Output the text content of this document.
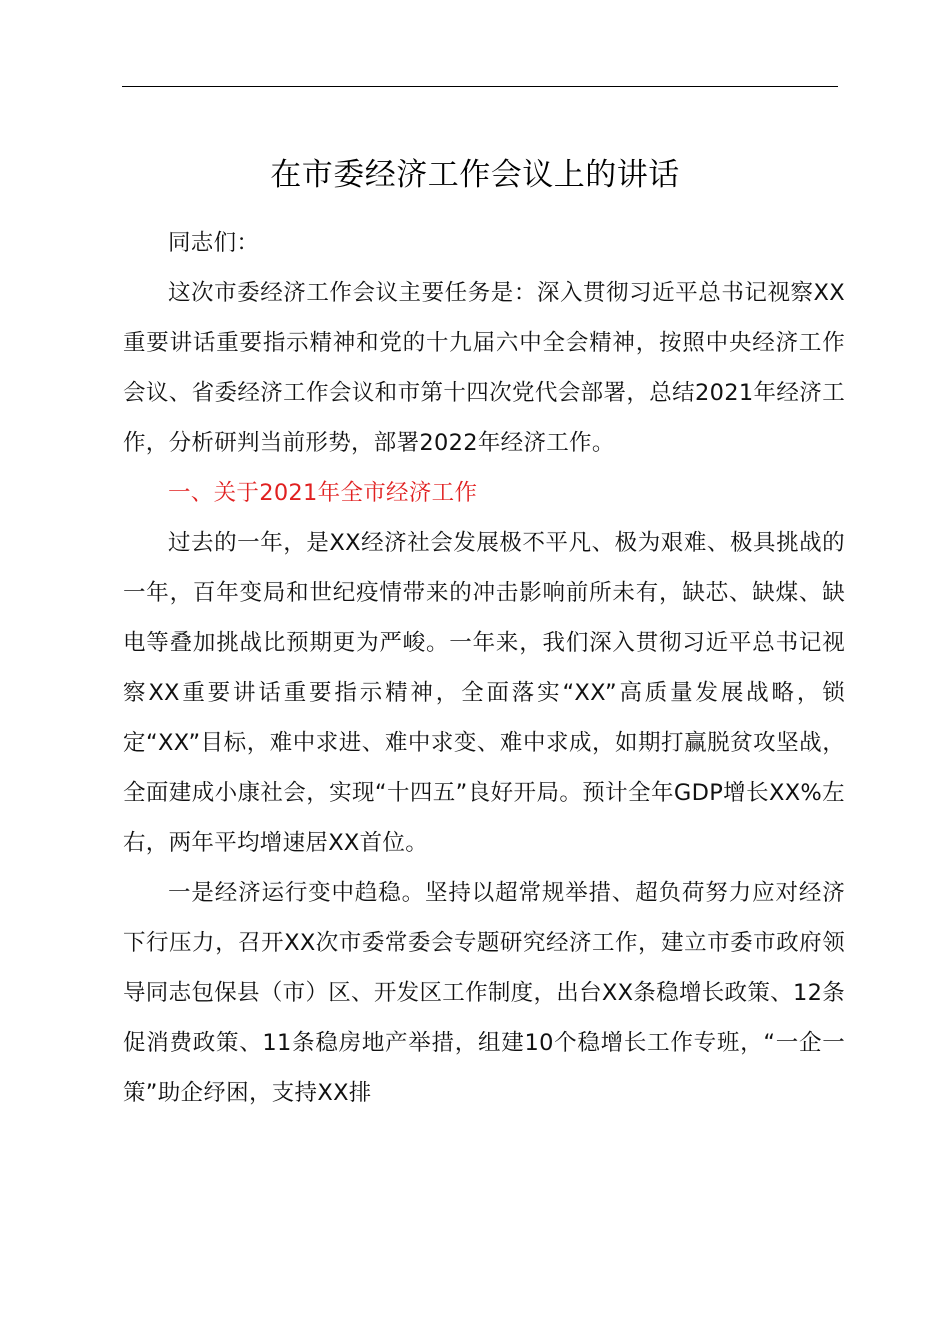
在市委经济工作会议上的讲话

同志们：

这次市委经济工作会议主要任务是：深入贯彻习近平总书记视察XX重要讲话重要指示精神和党的十九届六中全会精神，按照中央经济工作会议、省委经济工作会议和市第十四次党代会部署，总结2021年经济工作，分析研判当前形势，部署2022年经济工作。

一、关于2021年全市经济工作

过去的一年，是XX经济社会发展极不平凡、极为艰难、极具挑战的一年，百年变局和世纪疫情带来的冲击影响前所未有，缺芯、缺煤、缺电等叠加挑战比预期更为严峻。一年来，我们深入贯彻习近平总书记视察XX重要讲话重要指示精神，全面落实“XX”高质量发展战略，锁定“XX”目标，难中求进、难中求变、难中求成，如期打赢脱贫攻坚战，全面建成小康社会，实现“十四五”良好开局。预计全年GDP增长XX%左右，两年平均增速居XX首位。

一是经济运行变中趋稳。坚持以超常规举措、超负荷努力应对经济下行压力，召开XX次市委常委会专题研究经济工作，建立市委市政府领导同志包保县（市）区、开发区工作制度，出台XX条稳增长政策、12条促消费政策、11条稳房地产举措，组建10个稳增长工作专班，“一企一策”助企纾困，支持XX排
